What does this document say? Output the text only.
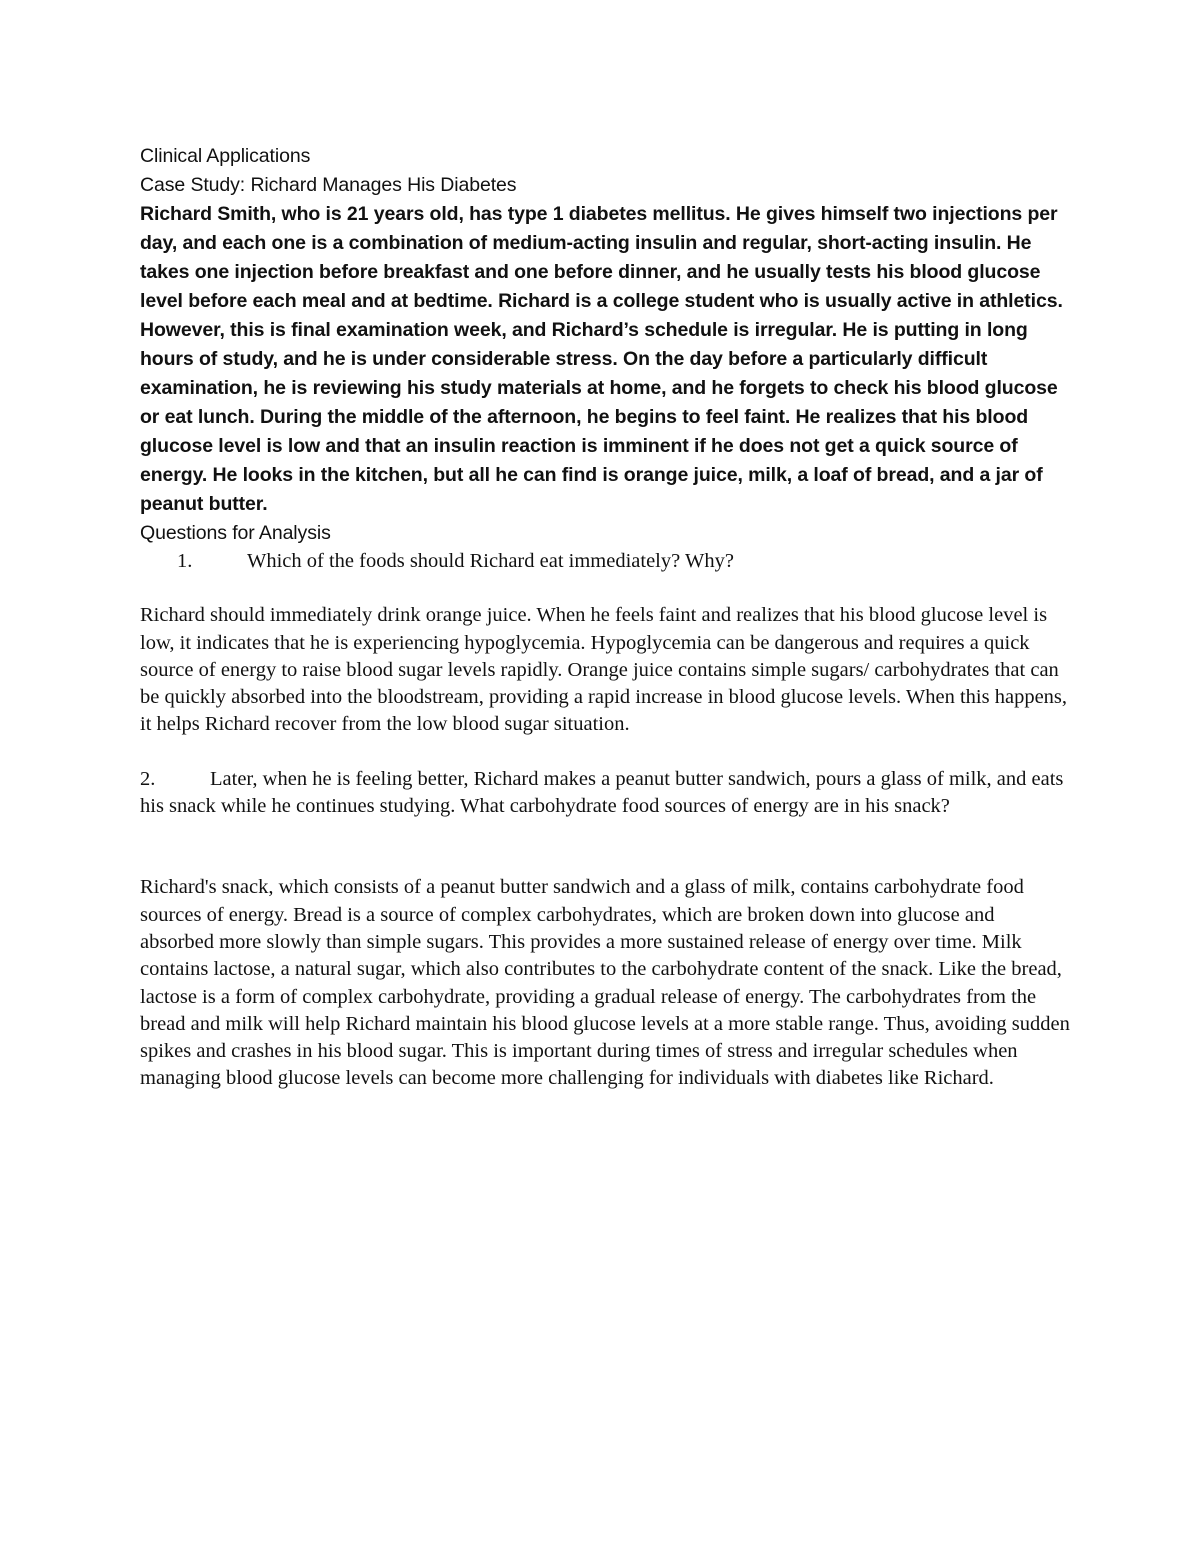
Clinical Applications

Case Study: Richard Manages His Diabetes

Richard Smith, who is 21 years old, has type 1 diabetes mellitus. He gives himself two injections per day, and each one is a combination of medium-acting insulin and regular, short-acting insulin. He takes one injection before breakfast and one before dinner, and he usually tests his blood glucose level before each meal and at bedtime. Richard is a college student who is usually active in athletics.

However, this is final examination week, and Richard’s schedule is irregular. He is putting in long hours of study, and he is under considerable stress. On the day before a particularly difficult examination, he is reviewing his study materials at home, and he forgets to check his blood glucose or eat lunch. During the middle of the afternoon, he begins to feel faint. He realizes that his blood glucose level is low and that an insulin reaction is imminent if he does not get a quick source of energy. He looks in the kitchen, but all he can find is orange juice, milk, a loaf of bread, and a jar of peanut butter.

Questions for Analysis

1.	Which of the foods should Richard eat immediately? Why?

Richard should immediately drink orange juice. When he feels faint and realizes that his blood glucose level is low, it indicates that he is experiencing hypoglycemia. Hypoglycemia can be dangerous and requires a quick source of energy to raise blood sugar levels rapidly. Orange juice contains simple sugars/ carbohydrates that can be quickly absorbed into the bloodstream, providing a rapid increase in blood glucose levels. When this happens, it helps Richard recover from the low blood sugar situation.

2.	Later, when he is feeling better, Richard makes a peanut butter sandwich, pours a glass of milk, and eats his snack while he continues studying. What carbohydrate food sources of energy are in his snack?

Richard's snack, which consists of a peanut butter sandwich and a glass of milk, contains carbohydrate food sources of energy. Bread is a source of complex carbohydrates, which are broken down into glucose and absorbed more slowly than simple sugars. This provides a more sustained release of energy over time. Milk contains lactose, a natural sugar, which also contributes to the carbohydrate content of the snack. Like the bread, lactose is a form of complex carbohydrate, providing a gradual release of energy. The carbohydrates from the bread and milk will help Richard maintain his blood glucose levels at a more stable range. Thus, avoiding sudden spikes and crashes in his blood sugar. This is important during times of stress and irregular schedules when managing blood glucose levels can become more challenging for individuals with diabetes like Richard.
